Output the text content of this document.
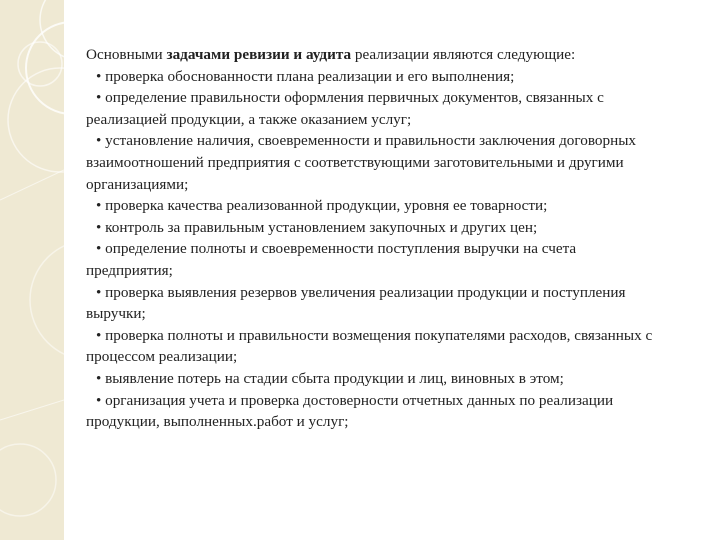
Основными задачами ревизии и аудита реализации являются следующие:

• проверка обоснованности плана реализации и его выполнения;

• определение правильности оформления первичных документов, связанных с реализацией продукции, а также оказанием услуг;

• установление наличия, своевременности и правильности заключения договорных взаимоотношений предприятия с соответствующими заготовительными и другими организациями;

• проверка качества реализованной продукции, уровня ее товарности;

• контроль за правильным установлением закупочных и других цен;

• определение полноты и своевременности поступления выручки на счета предприятия;

• проверка выявления резервов увеличения реализации продукции и поступления выручки;

• проверка полноты и правильности возмещения покупателями расходов, связанных с процессом реализации;

• выявление потерь на стадии сбыта продукции и лиц, виновных в этом;

• организация учета и проверка достоверности отчетных данных по реализации продукции, выполненных.работ и услуг;
